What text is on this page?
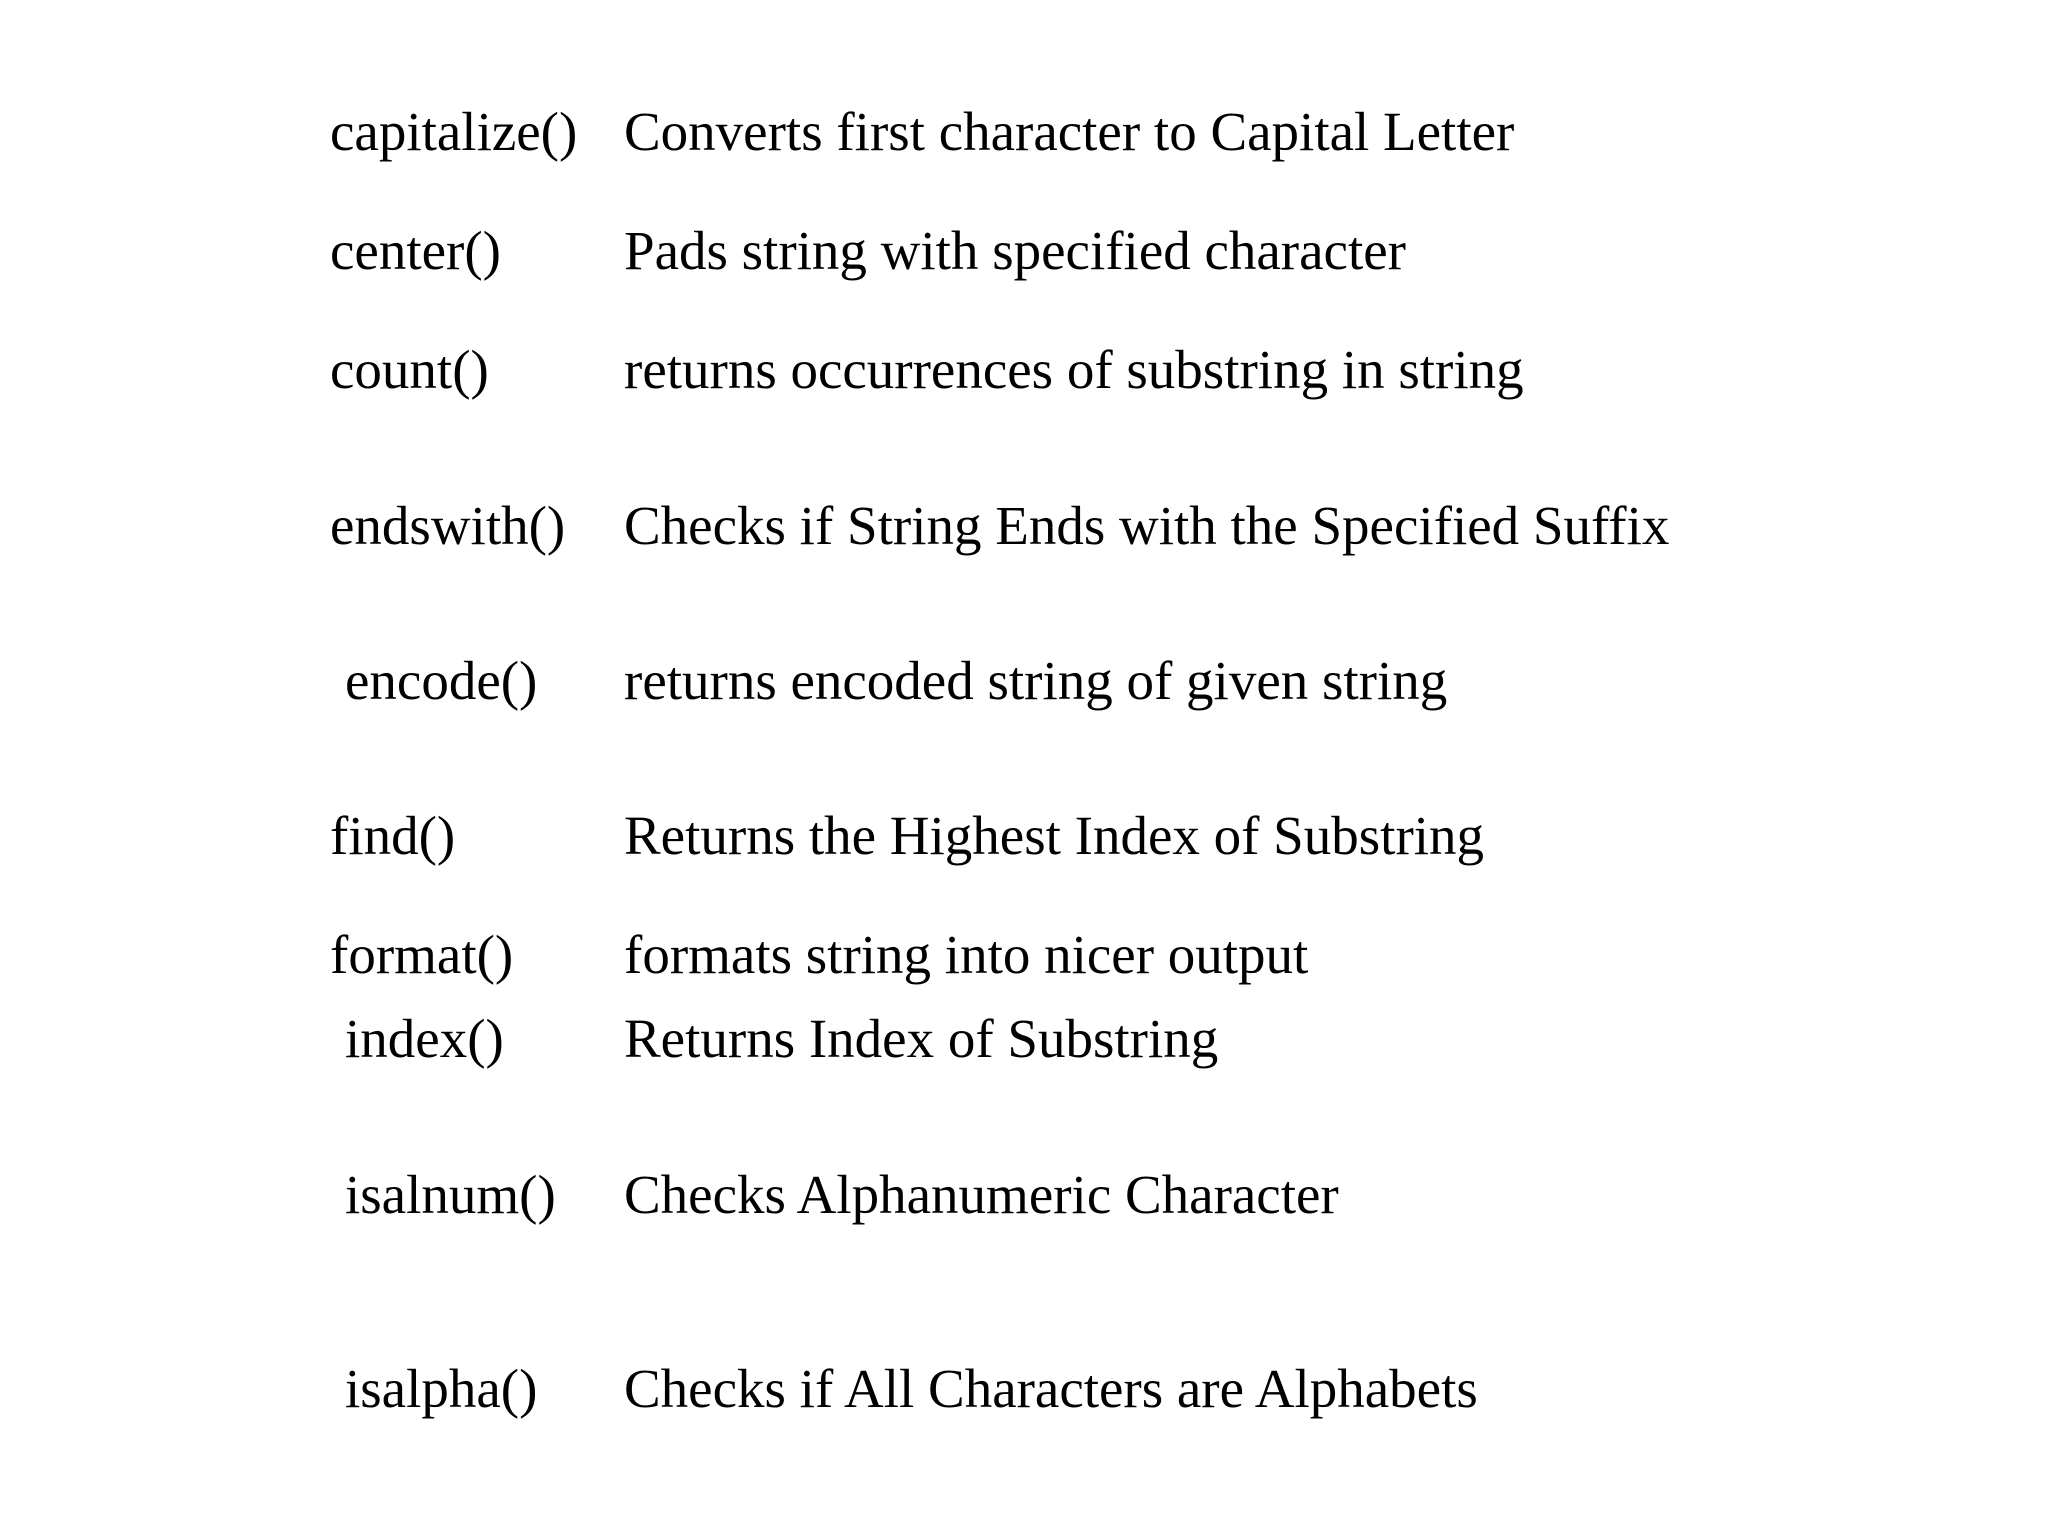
capitalize() Converts first character to Capital Letter
center() Pads string with specified character
count() returns occurrences of substring in string
endswith() Checks if String Ends with the Specified Suffix
encode() returns encoded string of given string
find()	Returns the Highest Index of Substring
format() formats string into nicer output
index() Returns Index of Substring
isalnum() Checks Alphanumeric Character
isalpha() Checks if All Characters are Alphabets
